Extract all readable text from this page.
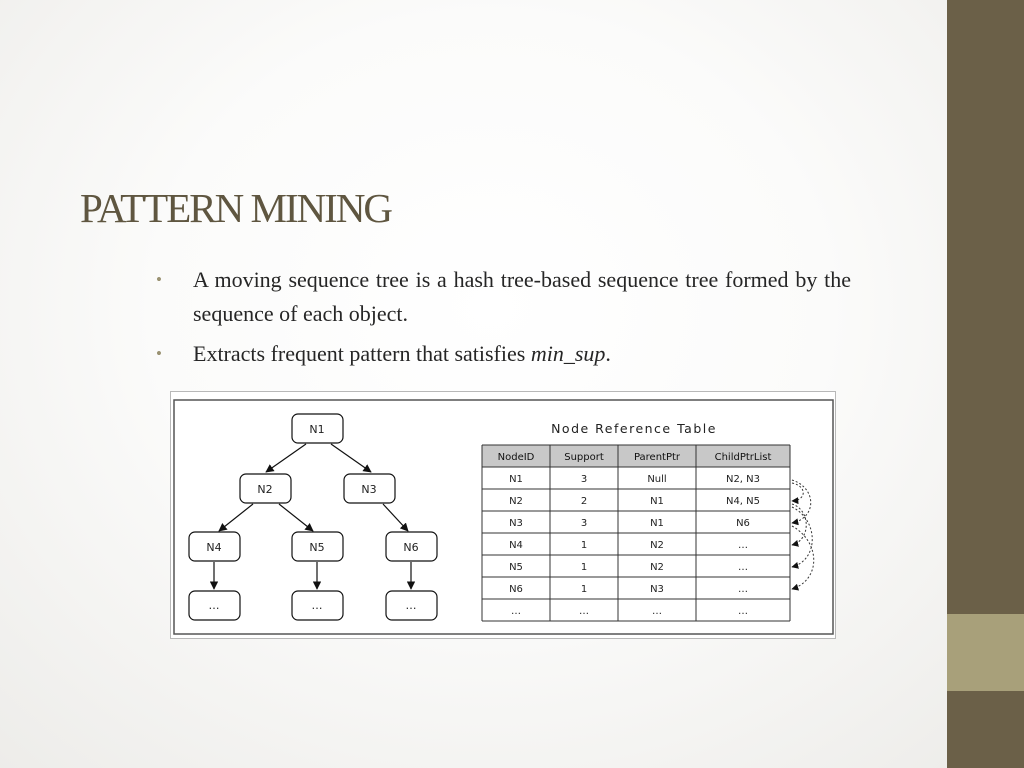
PATTERN MINING
• A moving sequence tree is a hash tree-based sequence tree formed by the sequence of each object.
• Extracts frequent pattern that satisfies min_sup.
N1
N2	N3
N4	N5	N6
…	…	…
Node Reference Table
NodeID	Support	ParentPtr	ChildPtrList
N1	3	Null	N2, N3
N2	2	N1	N4, N5
N3	3	N1	N6
N4	1	N2	…
N5	1	N2	…
N6	1	N3	…
…	…	…	…
